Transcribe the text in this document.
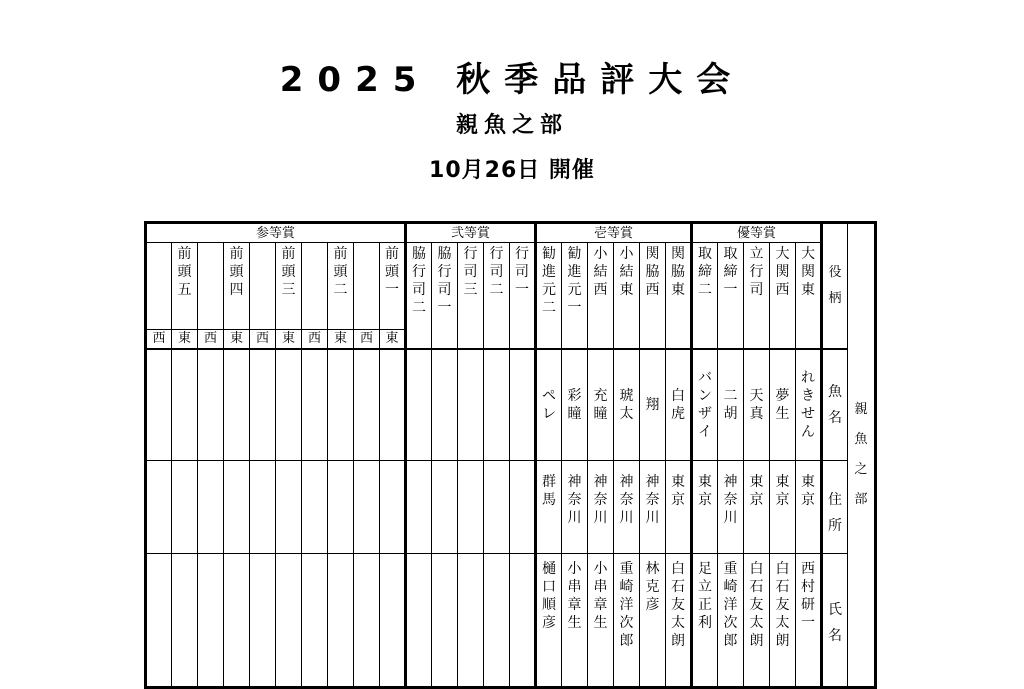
2025 秋季品評大会
親魚之部
10月26日 開催
参等賞										弐等賞					壱等賞						優等賞					役柄	親魚之部
	前頭五		前頭四		前頭三		前頭二		前頭一	脇行司二	脇行司一	行司三	行司二	行司一	勧進元二	勧進元一	小結西	小結東	関脇西	関脇東	取締二	取締一	立行司	大関西	大関東		
西	東	西	東	西	東	西	東	西	東																		
															ペレ	彩瞳	充瞳	琥太	翔	白虎	バンザイ	二胡	天真	夢生	れきせん	魚名	
															群馬	神奈川	神奈川	神奈川	神奈川	東京	東京	神奈川	東京	東京	東京	住所	
															樋口　順彦	小串　章生	小串　章生	重崎　洋次郎	林　克彦	白石　友太朗	足立　正利	重崎　洋次郎	白石　友太朗	白石　友太朗	西村　研一	氏名	
